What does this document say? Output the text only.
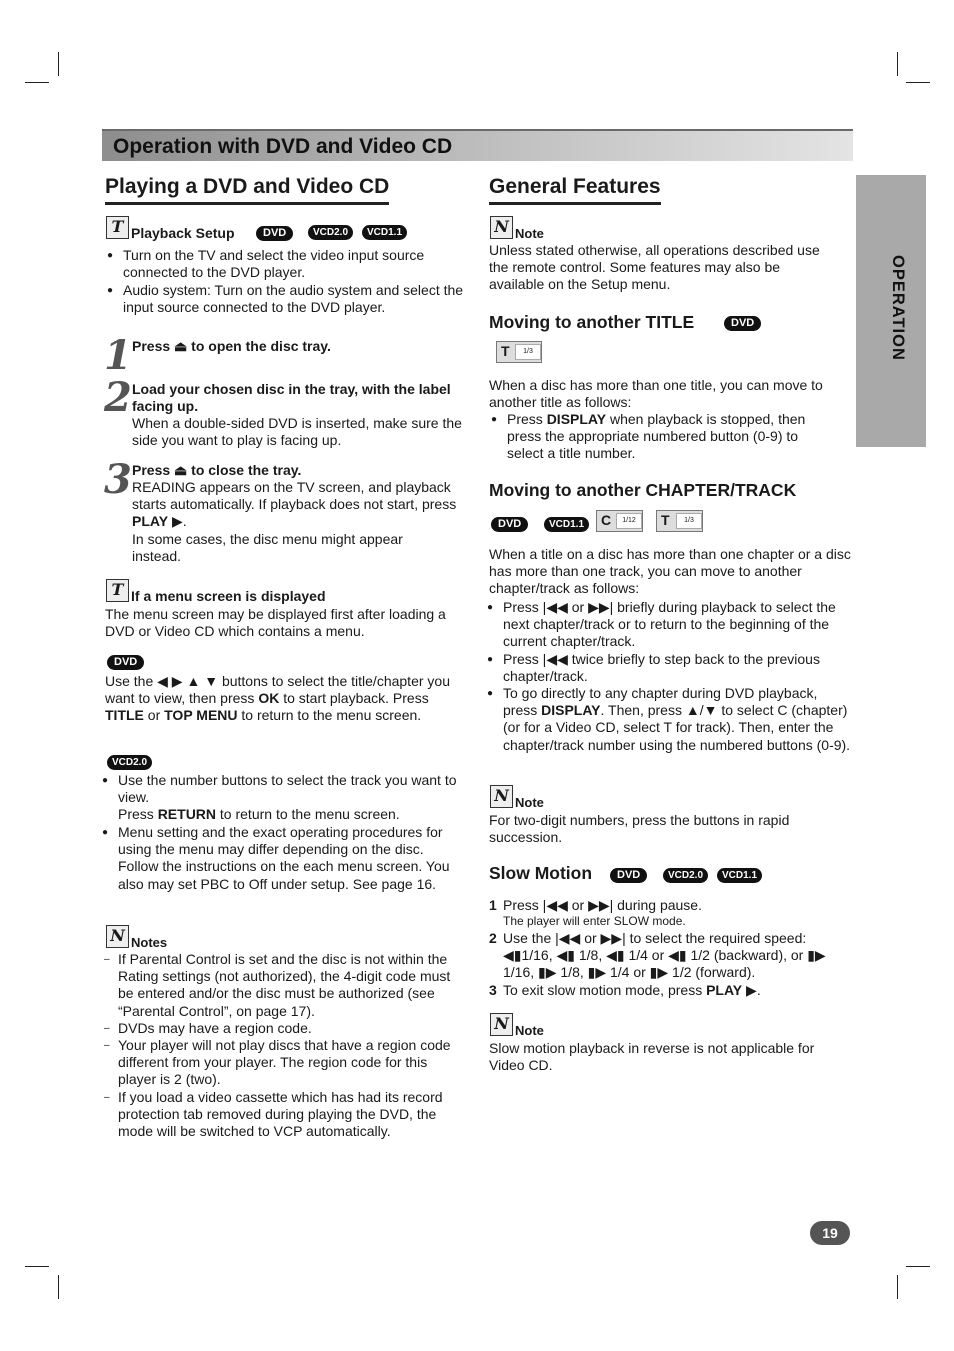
Operation with DVD and Video CD
OPERATION
Playing a DVD and Video CD
T Playback Setup	DVD	VCD2.0	VCD1.1
● Turn on the TV and select the video input source connected to the DVD player.
● Audio system: Turn on the audio system and select the input source connected to the DVD player.
1 Press ⏏ to open the disc tray.
2 Load your chosen disc in the tray, with the label facing up.
When a double-sided DVD is inserted, make sure the side you want to play is facing up.
3 Press ⏏ to close the tray.
READING appears on the TV screen, and playback starts automatically. If playback does not start, press PLAY ▶.
In some cases, the disc menu might appear instead.
T If a menu screen is displayed
The menu screen may be displayed first after loading a DVD or Video CD which contains a menu.
DVD
Use the ◀ ▶ ▲ ▼ buttons to select the title/chapter you want to view, then press OK to start playback. Press TITLE or TOP MENU to return to the menu screen.
VCD2.0
● Use the number buttons to select the track you want to view.
Press RETURN to return to the menu screen.
● Menu setting and the exact operating procedures for using the menu may differ depending on the disc. Follow the instructions on the each menu screen. You also may set PBC to Off under setup. See page 16.
N Notes
– If Parental Control is set and the disc is not within the Rating settings (not authorized), the 4-digit code must be entered and/or the disc must be authorized (see “Parental Control”, on page 17).
– DVDs may have a region code.
– Your player will not play discs that have a region code different from your player. The region code for this player is 2 (two).
– If you load a video cassette which has had its record protection tab removed during playing the DVD, the mode will be switched to VCP automatically.
General Features
N Note
Unless stated otherwise, all operations described use the remote control. Some features may also be available on the Setup menu.
Moving to another TITLE	DVD
T	1/3
When a disc has more than one title, you can move to another title as follows:
● Press DISPLAY when playback is stopped, then press the appropriate numbered button (0-9) to select a title number.
Moving to another CHAPTER/TRACK
DVD	VCD1.1	C	1/12	T	1/3
When a title on a disc has more than one chapter or a disc has more than one track, you can move to another chapter/track as follows:
● Press |◀◀ or ▶▶| briefly during playback to select the next chapter/track or to return to the beginning of the current chapter/track.
● Press |◀◀ twice briefly to step back to the previous chapter/track.
● To go directly to any chapter during DVD playback, press DISPLAY. Then, press ▲/▼ to select C (chapter) (or for a Video CD, select T for track). Then, enter the chapter/track number using the numbered buttons (0-9).
N Note
For two-digit numbers, press the buttons in rapid succession.
Slow Motion	DVD	VCD2.0	VCD1.1
1 Press |◀◀ or ▶▶| during pause.
The player will enter SLOW mode.
2 Use the |◀◀ or ▶▶| to select the required speed: ◀▮1/16, ◀▮ 1/8, ◀▮ 1/4 or ◀▮ 1/2 (backward), or ▮▶ 1/16, ▮▶ 1/8, ▮▶ 1/4 or ▮▶ 1/2 (forward).
3 To exit slow motion mode, press PLAY ▶.
N Note
Slow motion playback in reverse is not applicable for Video CD.
19
